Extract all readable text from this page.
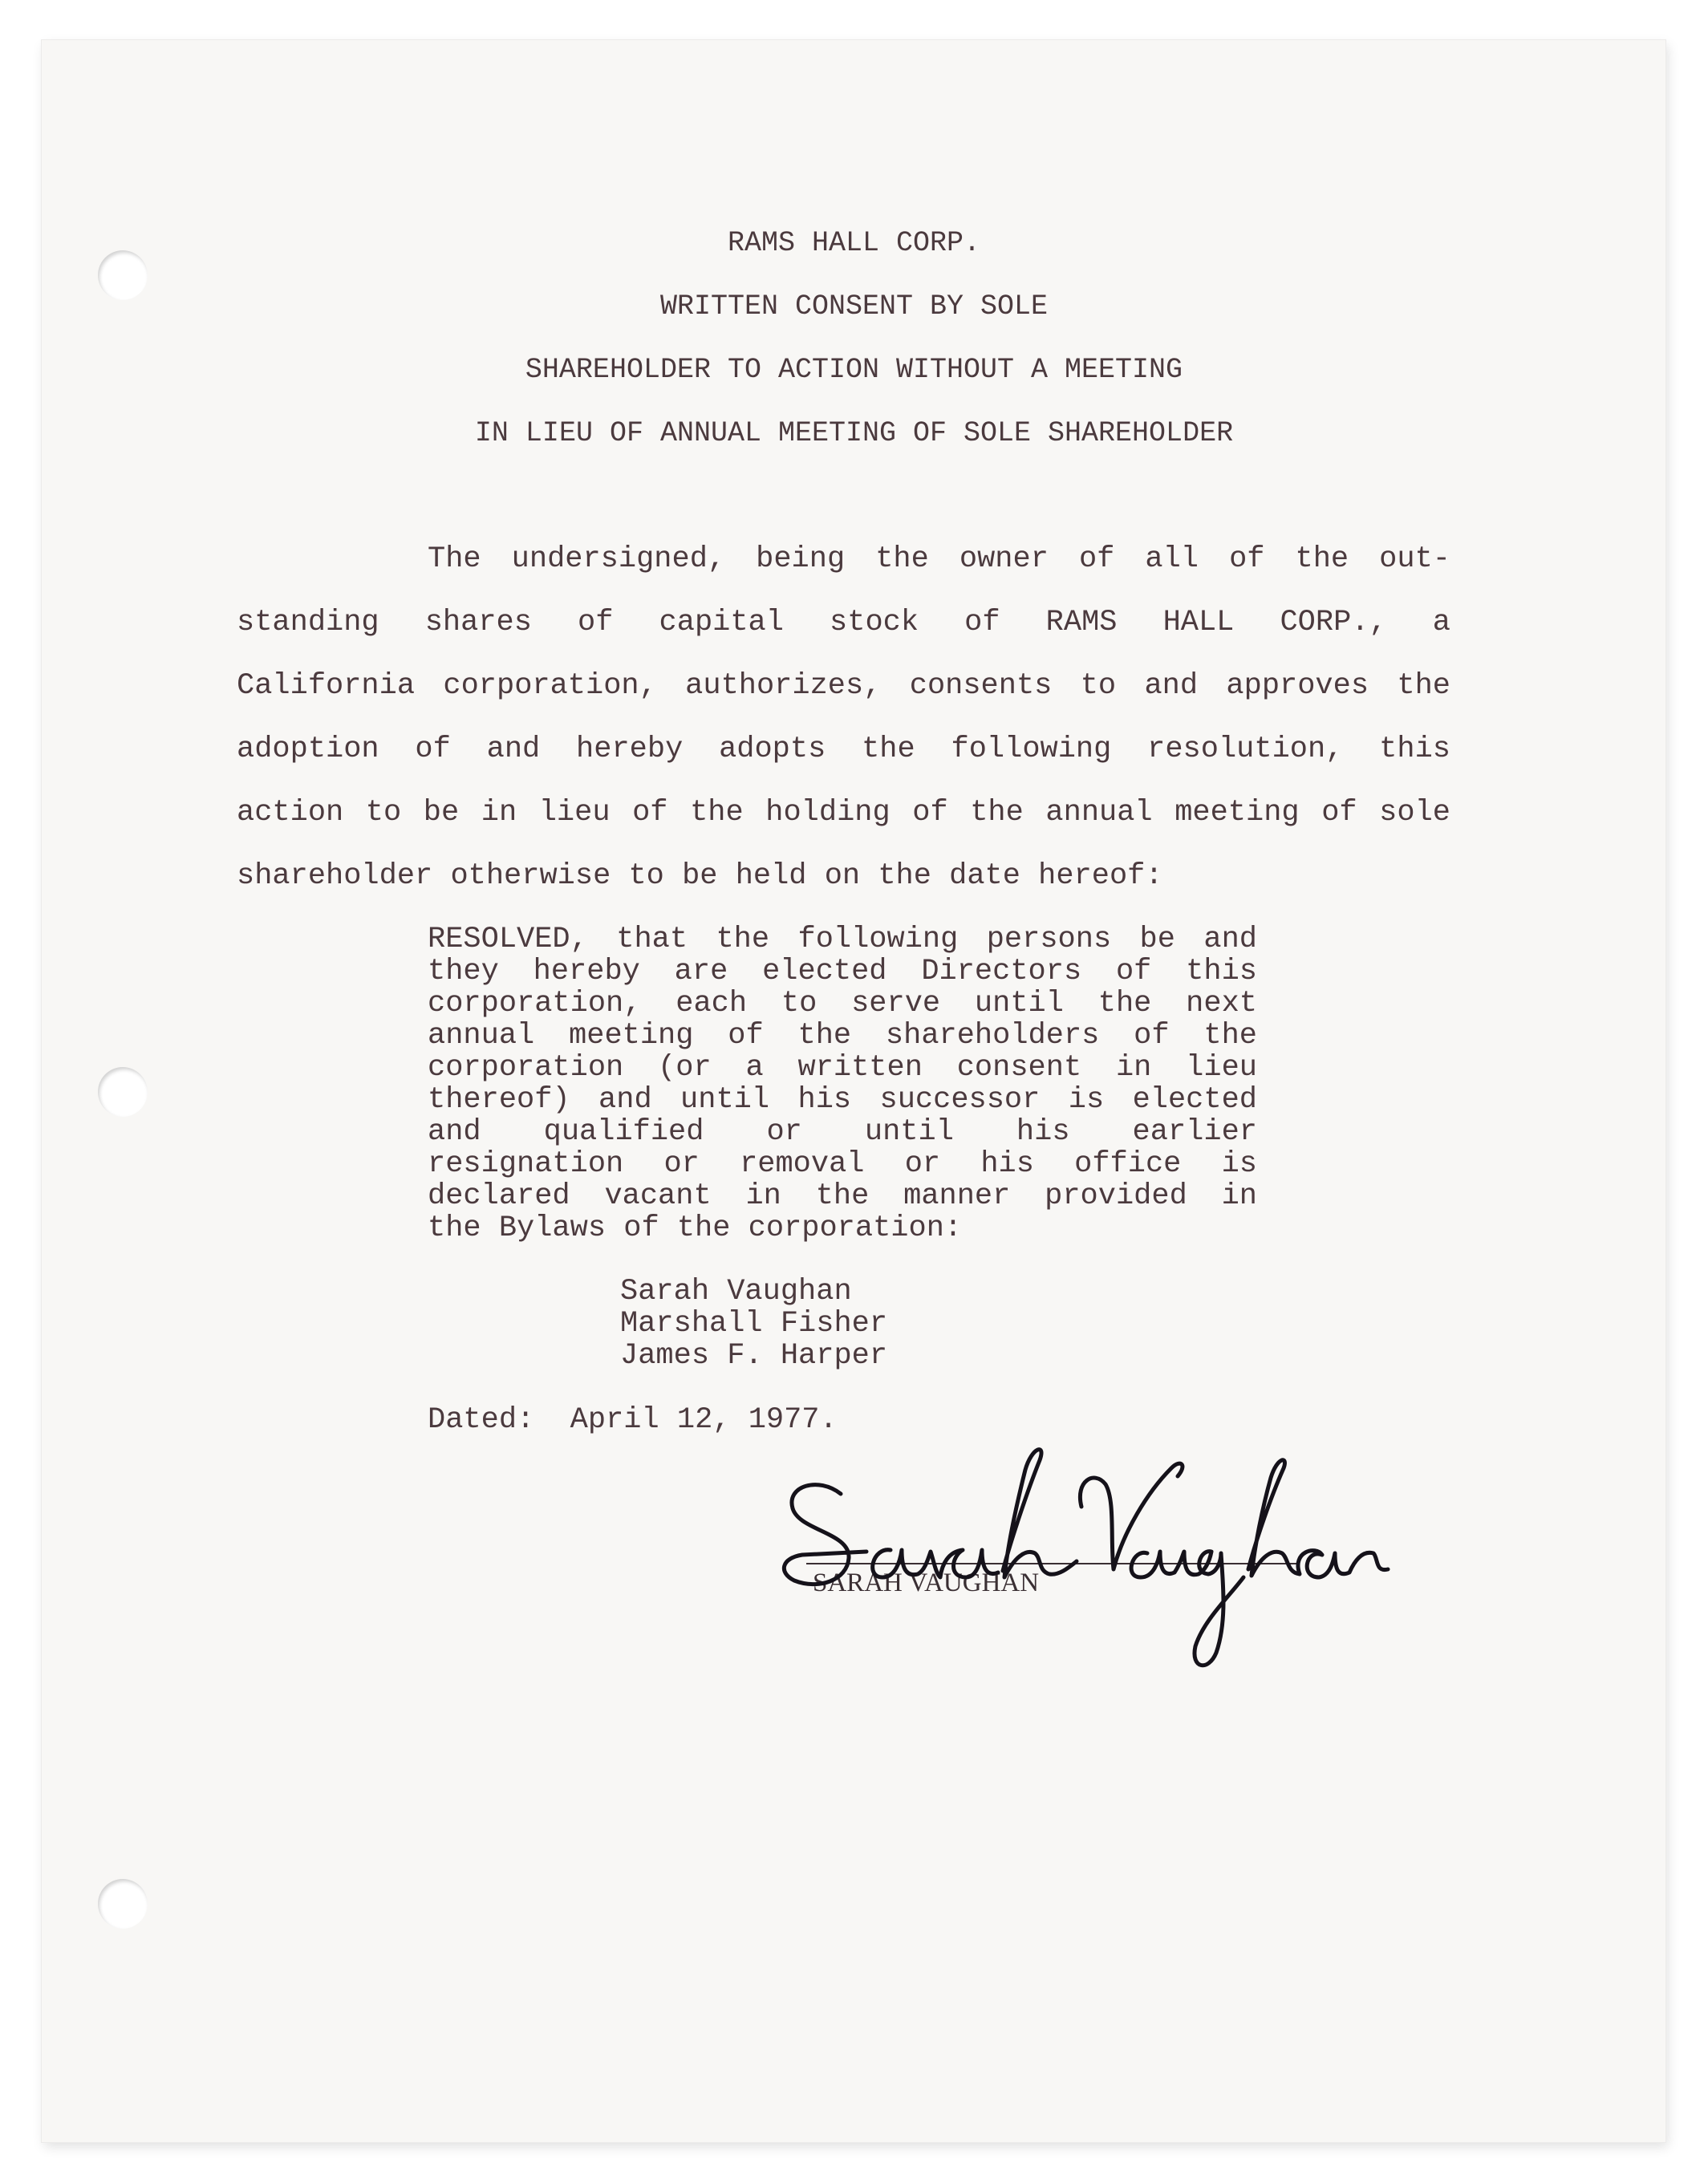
RAMS HALL CORP.
WRITTEN CONSENT BY SOLE
SHAREHOLDER TO ACTION WITHOUT A MEETING
IN LIEU OF ANNUAL MEETING OF SOLE SHAREHOLDER
The undersigned, being the owner of all of the out-
standing shares of capital stock of RAMS HALL CORP., a
California corporation, authorizes, consents to and approves the
adoption of and hereby adopts the following resolution, this
action to be in lieu of the holding of the annual meeting of sole
shareholder otherwise to be held on the date hereof:
RESOLVED, that the following persons be and
they hereby are elected Directors of this
corporation, each to serve until the next
annual meeting of the shareholders of the
corporation (or a written consent in lieu
thereof) and until his successor is elected
and qualified or until his earlier
resignation or removal or his office is
declared vacant in the manner provided in
the Bylaws of the corporation:
Sarah Vaughan
Marshall Fisher
James F. Harper
Dated: April 12, 1977.
SARAH VAUGHAN
